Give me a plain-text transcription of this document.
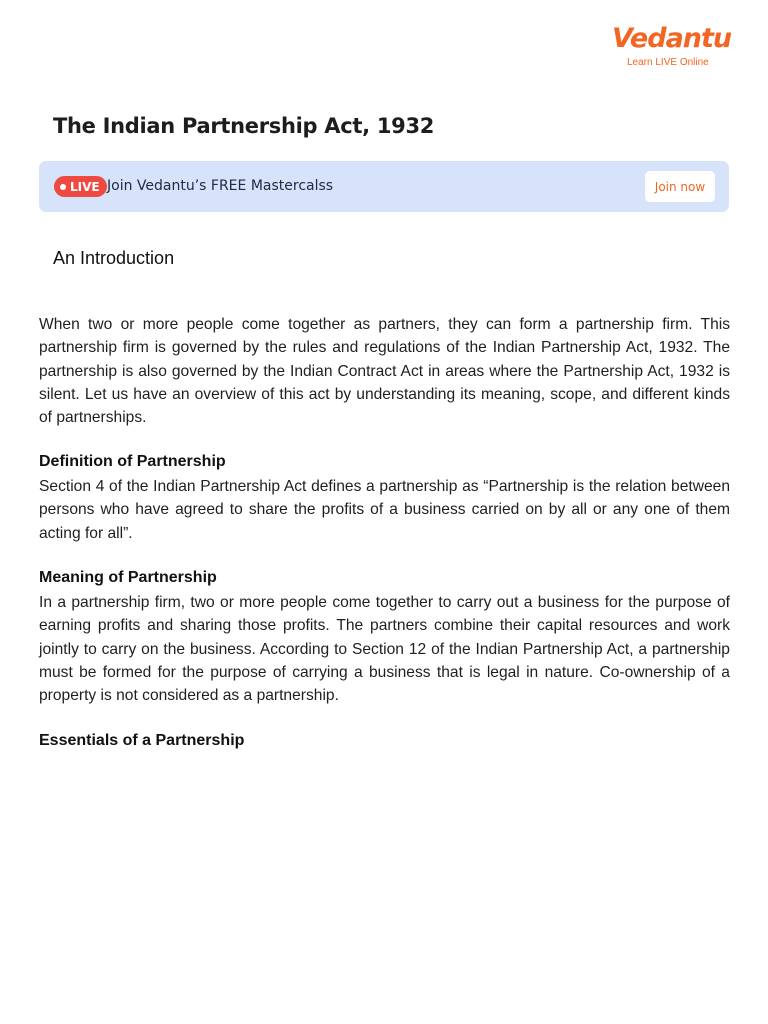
Vedantu
Learn LIVE Online
The Indian Partnership Act, 1932
LIVE Join Vedantu’s FREE Mastercalss	Join now
An Introduction

When two or more people come together as partners, they can form a partnership firm. This partnership firm is governed by the rules and regulations of the Indian Partnership Act, 1932. The partnership is also governed by the Indian Contract Act in areas where the Partnership Act, 1932 is silent. Let us have an overview of this act by understanding its meaning, scope, and different kinds of partnerships.

Definition of Partnership

Section 4 of the Indian Partnership Act defines a partnership as “Partnership is the relation between persons who have agreed to share the profits of a business carried on by all or any one of them acting for all”.

Meaning of Partnership

In a partnership firm, two or more people come together to carry out a business for the purpose of earning profits and sharing those profits. The partners combine their capital resources and work jointly to carry on the business. According to Section 12 of the Indian Partnership Act, a partnership must be formed for the purpose of carrying a business that is legal in nature. Co-ownership of a property is not considered as a partnership.

Essentials of a Partnership
